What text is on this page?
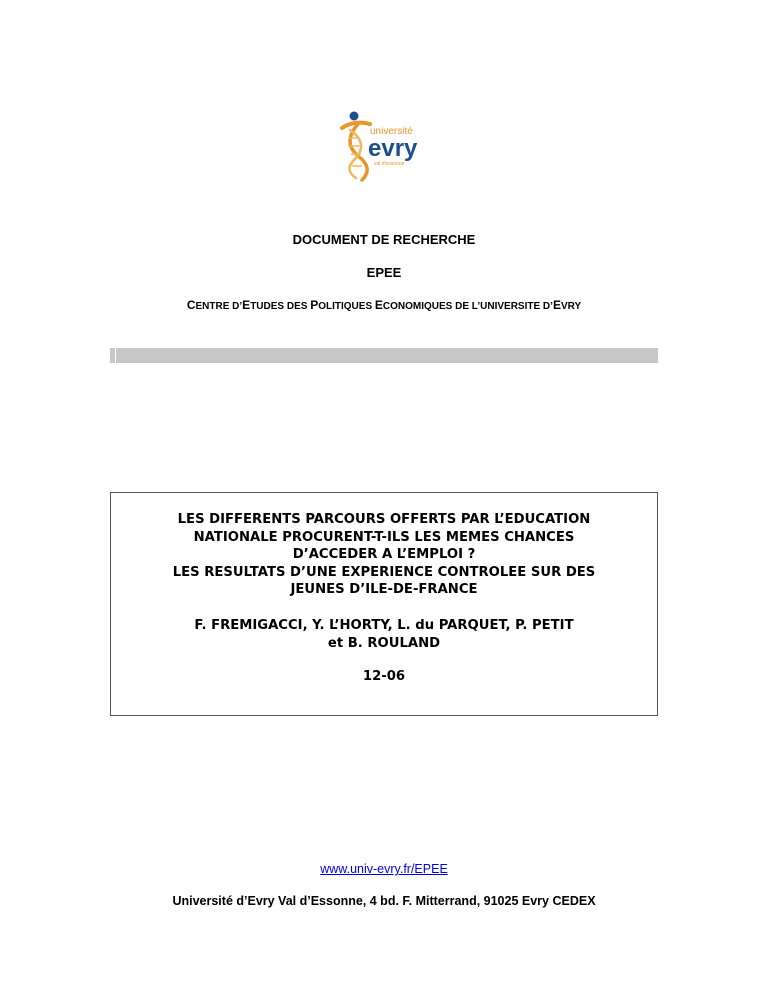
université
evry
val d'essonne
DOCUMENT DE RECHERCHE
EPEE
CENTRE D’ETUDES DES POLITIQUES ECONOMIQUES DE L’UNIVERSITE D’EVRY
LES DIFFERENTS PARCOURS OFFERTS PAR L’EDUCATION
NATIONALE PROCURENT-T-ILS LES MEMES CHANCES
D’ACCEDER A L’EMPLOI ?
LES RESULTATS D’UNE EXPERIENCE CONTROLEE SUR DES
JEUNES D’ILE-DE-FRANCE
F. FREMIGACCI, Y. L’HORTY, L. du PARQUET, P. PETIT
et B. ROULAND
12-06
www.univ-evry.fr/EPEE
Université d’Evry Val d’Essonne, 4 bd. F. Mitterrand, 91025 Evry CEDEX
